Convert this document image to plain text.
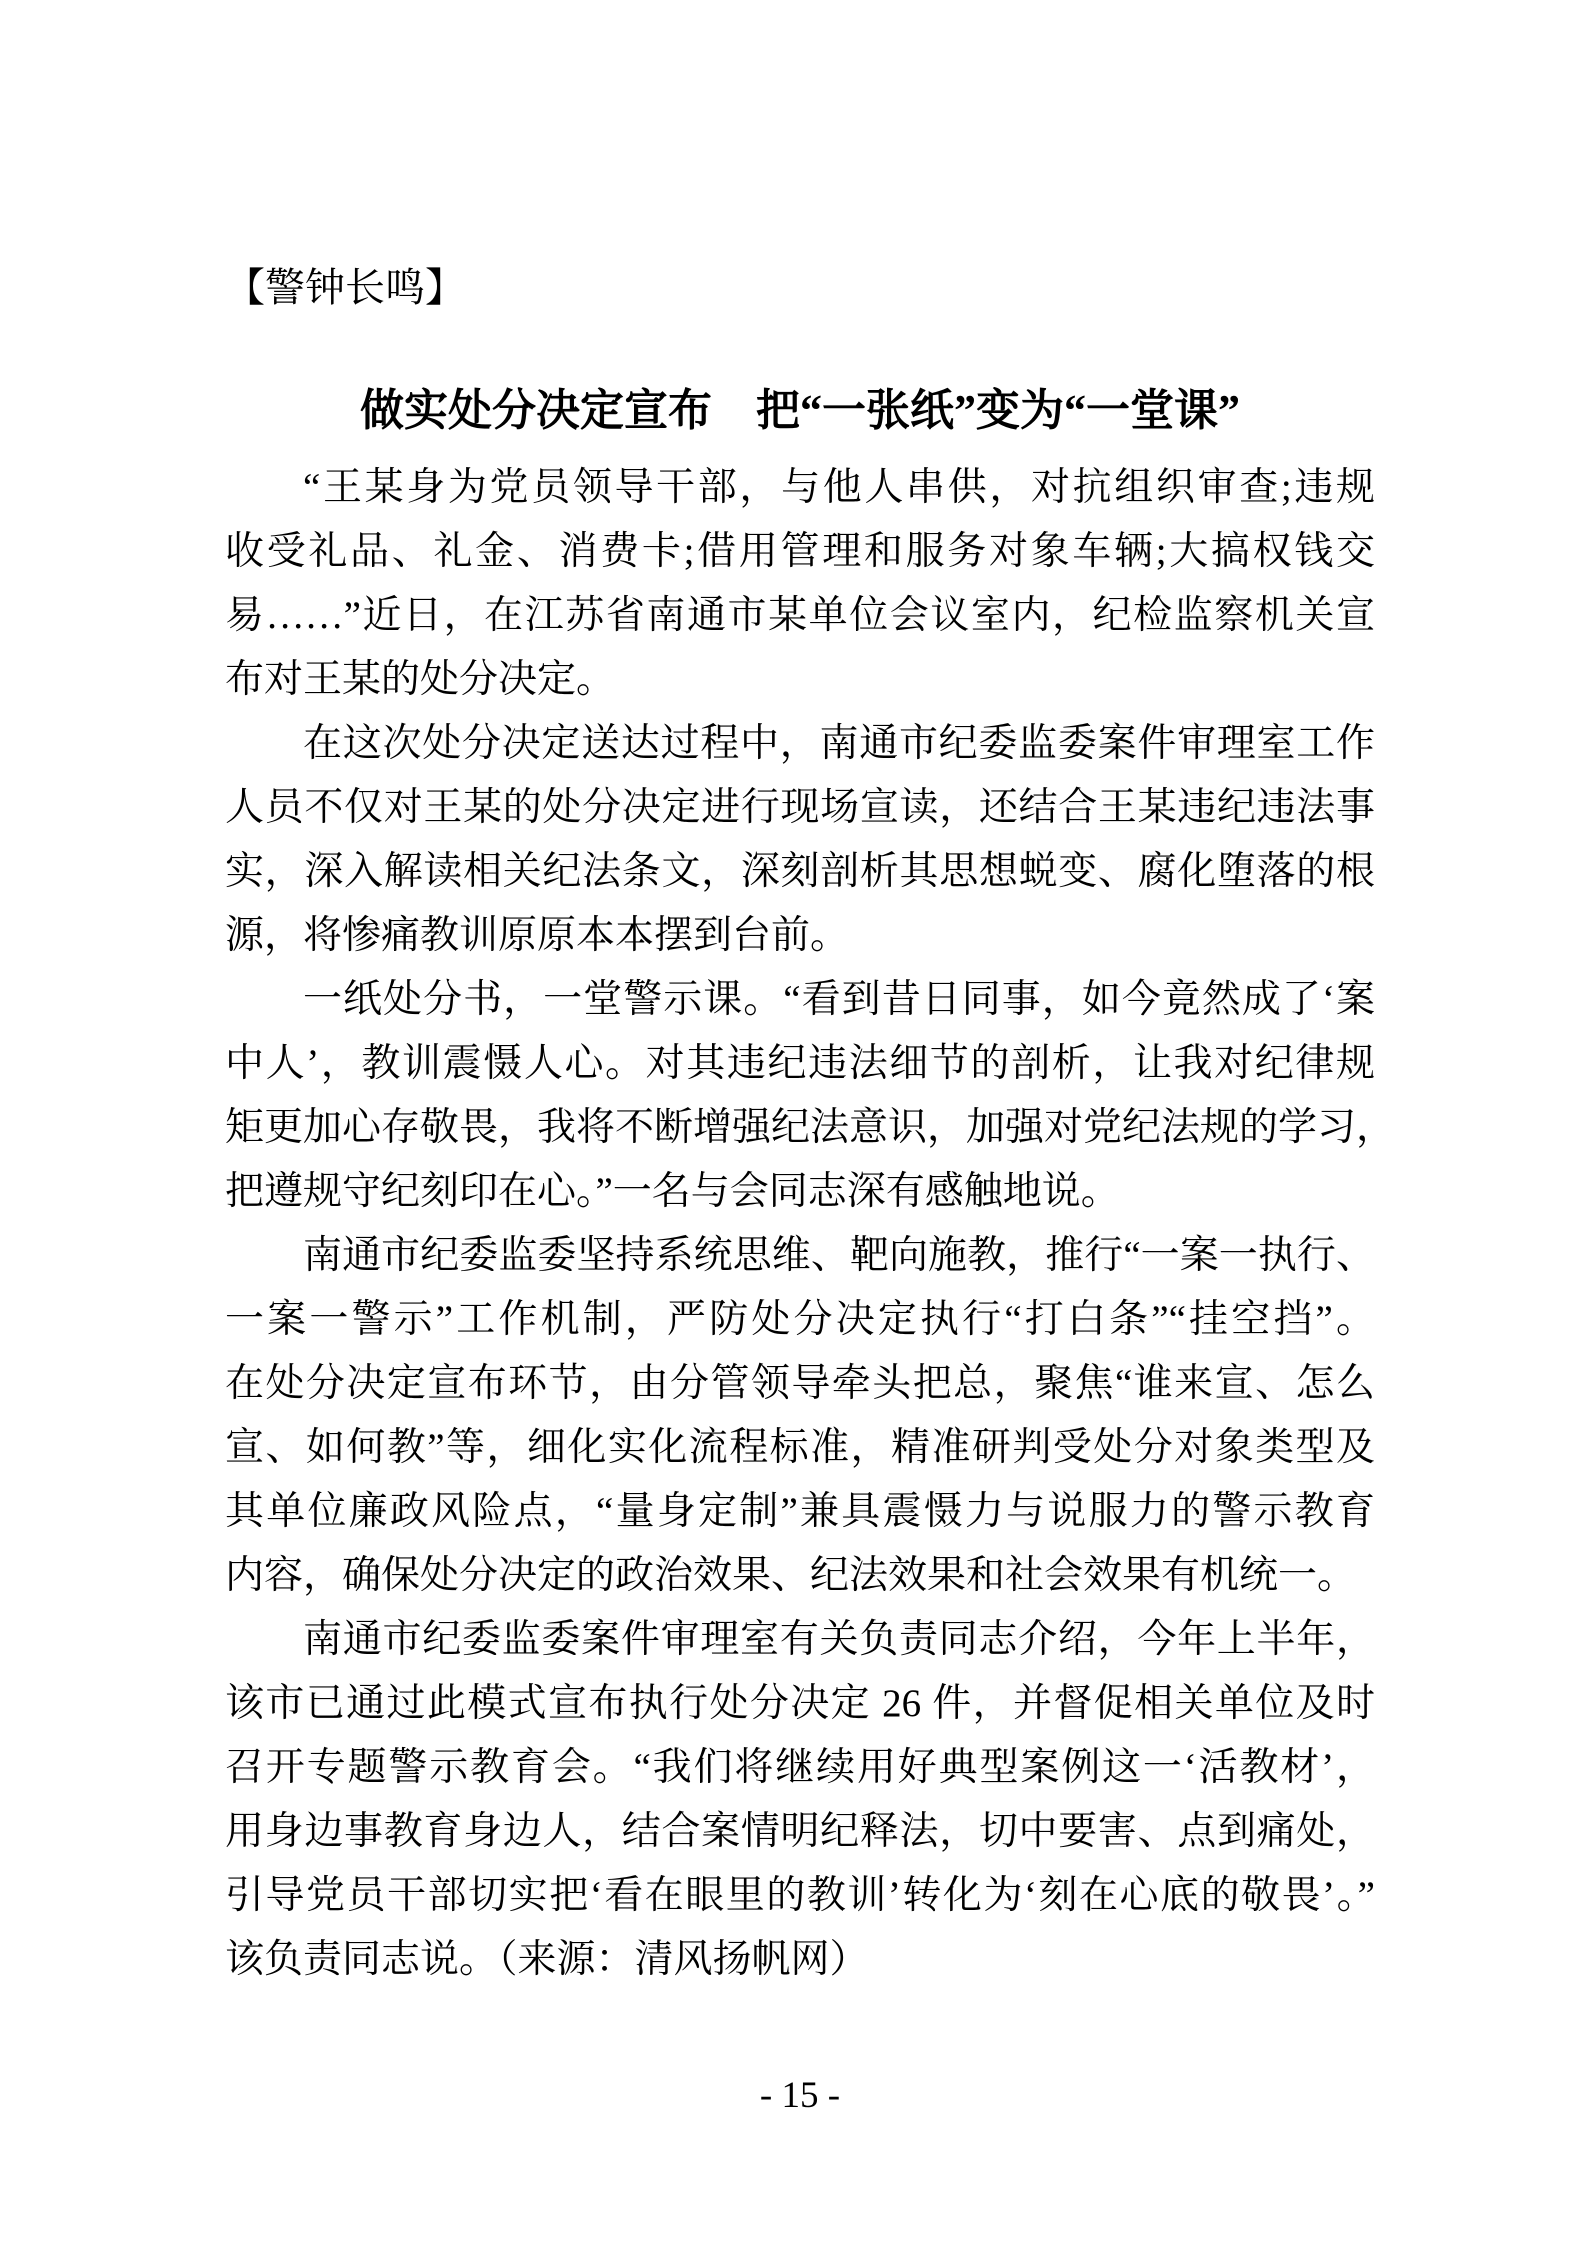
【警钟长鸣】
做实处分决定宣布　把“一张纸”变为“一堂课”
“王某身为党员领导干部，与他人串供，对抗组织审查;违规
收受礼品、礼金、消费卡;借用管理和服务对象车辆;大搞权钱交
易……”近日，在江苏省南通市某单位会议室内，纪检监察机关宣
布对王某的处分决定。
在这次处分决定送达过程中，南通市纪委监委案件审理室工作
人员不仅对王某的处分决定进行现场宣读，还结合王某违纪违法事
实，深入解读相关纪法条文，深刻剖析其思想蜕变、腐化堕落的根
源，将惨痛教训原原本本摆到台前。
一纸处分书，一堂警示课。“看到昔日同事，如今竟然成了‘案
中人’，教训震慑人心。对其违纪违法细节的剖析，让我对纪律规
矩更加心存敬畏，我将不断增强纪法意识，加强对党纪法规的学习，
把遵规守纪刻印在心。”一名与会同志深有感触地说。
南通市纪委监委坚持系统思维、靶向施教，推行“一案一执行、
一案一警示”工作机制，严防处分决定执行“打白条”“挂空挡”。
在处分决定宣布环节，由分管领导牵头把总，聚焦“谁来宣、怎么
宣、如何教”等，细化实化流程标准，精准研判受处分对象类型及
其单位廉政风险点，“量身定制”兼具震慑力与说服力的警示教育
内容，确保处分决定的政治效果、纪法效果和社会效果有机统一。
南通市纪委监委案件审理室有关负责同志介绍，今年上半年，
该市已通过此模式宣布执行处分决定 26 件，并督促相关单位及时
召开专题警示教育会。“我们将继续用好典型案例这一‘活教材’，
用身边事教育身边人，结合案情明纪释法，切中要害、点到痛处，
引导党员干部切实把‘看在眼里的教训’转化为‘刻在心底的敬畏’。”
该负责同志说。（来源：清风扬帆网）
- 15 -
